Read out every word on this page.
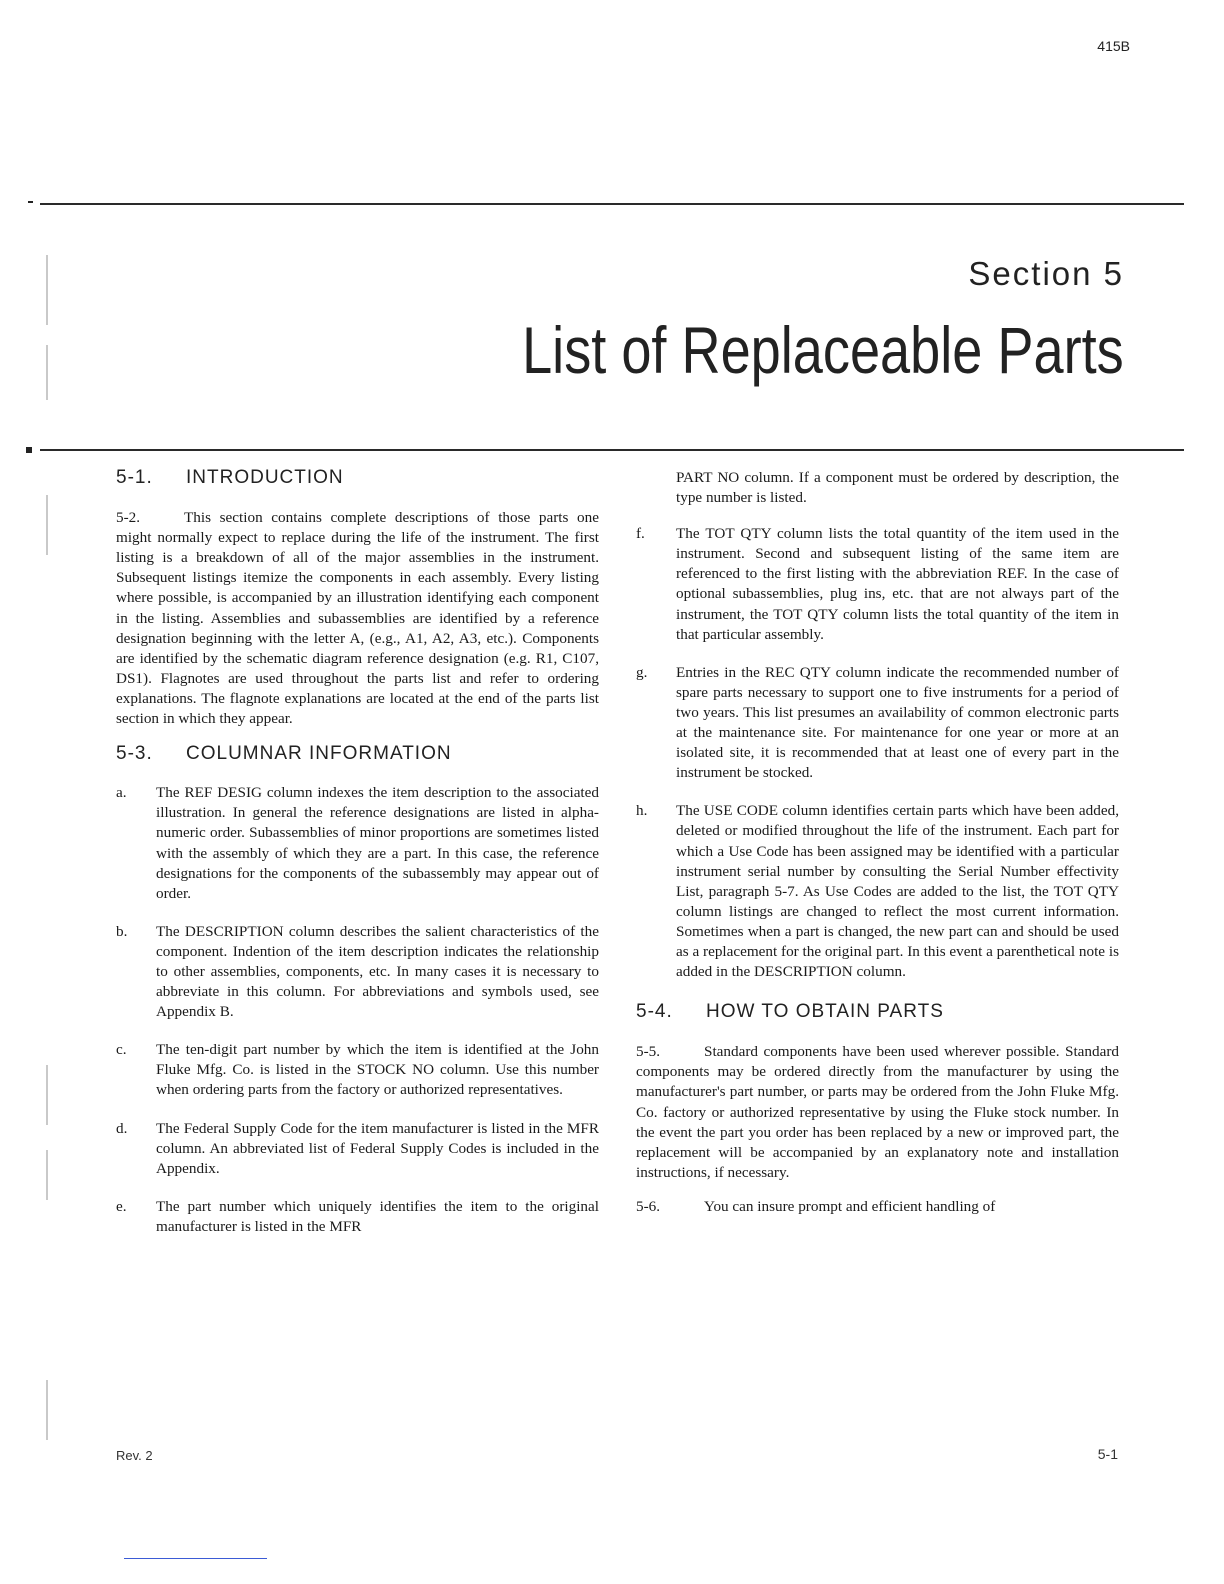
415B
Section 5
List of Replaceable Parts
5-1.	INTRODUCTION

5-2.	This section contains complete descriptions of those parts one might normally expect to replace during the life of the instrument. The first listing is a breakdown of all of the major assemblies in the instrument. Subsequent listings itemize the components in each assembly. Every listing where possible, is accompanied by an illustration identifying each component in the listing. Assemblies and subassemblies are identified by a reference designation beginning with the letter A, (e.g., A1, A2, A3, etc.). Components are identified by the schematic diagram reference designation (e.g. R1, C107, DS1). Flagnotes are used throughout the parts list and refer to ordering explanations. The flagnote explanations are located at the end of the parts list section in which they appear.

5-3.	COLUMNAR INFORMATION
a.	The REF DESIG column indexes the item description to the associated illustration. In general the reference designations are listed in alpha-numeric order. Subassemblies of minor proportions are sometimes listed with the assembly of which they are a part. In this case, the reference designations for the components of the subassembly may appear out of order.
b.	The DESCRIPTION column describes the salient characteristics of the component. Indention of the item description indicates the relationship to other assemblies, components, etc. In many cases it is necessary to abbreviate in this column. For abbreviations and symbols used, see Appendix B.
c.	The ten-digit part number by which the item is identified at the John Fluke Mfg. Co. is listed in the STOCK NO column. Use this number when ordering parts from the factory or authorized representatives.
d.	The Federal Supply Code for the item manufacturer is listed in the MFR column. An abbreviated list of Federal Supply Codes is included in the Appendix.
e.	The part number which uniquely identifies the item to the original manufacturer is listed in the MFR
PART NO column. If a component must be ordered by description, the type number is listed.
f.	The TOT QTY column lists the total quantity of the item used in the instrument. Second and subsequent listing of the same item are referenced to the first listing with the abbreviation REF. In the case of optional subassemblies, plug ins, etc. that are not always part of the instrument, the TOT QTY column lists the total quantity of the item in that particular assembly.
g.	Entries in the REC QTY column indicate the recommended number of spare parts necessary to support one to five instruments for a period of two years. This list presumes an availability of common electronic parts at the maintenance site. For maintenance for one year or more at an isolated site, it is recommended that at least one of every part in the instrument be stocked.
h.	The USE CODE column identifies certain parts which have been added, deleted or modified throughout the life of the instrument. Each part for which a Use Code has been assigned may be identified with a particular instrument serial number by consulting the Serial Number effectivity List, paragraph 5-7. As Use Codes are added to the list, the TOT QTY column listings are changed to reflect the most current information. Sometimes when a part is changed, the new part can and should be used as a replacement for the original part. In this event a parenthetical note is added in the DESCRIPTION column.
5-4.	HOW TO OBTAIN PARTS

5-5.	Standard components have been used wherever possible. Standard components may be ordered directly from the manufacturer by using the manufacturer's part number, or parts may be ordered from the John Fluke Mfg. Co. factory or authorized representative by using the Fluke stock number. In the event the part you order has been replaced by a new or improved part, the replacement will be accompanied by an explanatory note and installation instructions, if necessary.

5-6.	You can insure prompt and efficient handling of

Rev. 2	5-1
